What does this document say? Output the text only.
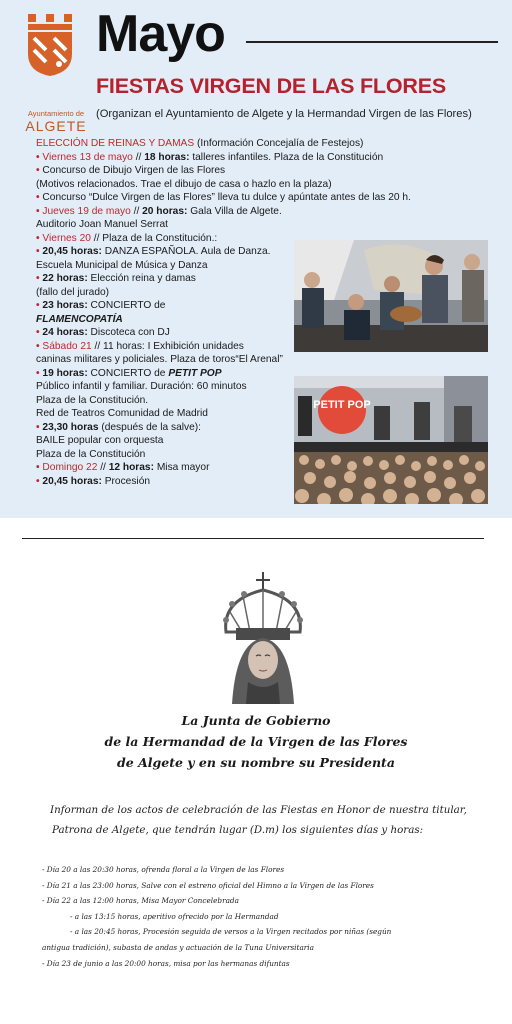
Ayuntamiento de
ALGETE
Mayo
FIESTAS VIRGEN DE LAS FLORES
(Organizan el Ayuntamiento de Algete y la Hermandad Virgen de las Flores)
ELECCIÓN DE REINAS Y DAMAS (Información Concejalía de Festejos)
• Viernes 13 de mayo // 18 horas: talleres infantiles. Plaza de la Constitución
• Concurso de Dibujo Virgen de las Flores
(Motivos relacionados. Trae el dibujo de casa o hazlo en la plaza)
• Concurso “Dulce Virgen de las Flores” lleva tu dulce y apúntate antes de las 20 h.
• Jueves 19 de mayo // 20 horas: Gala Villa de Algete.
Auditorio Joan Manuel Serrat
• Viernes 20 // Plaza de la Constitución.:
• 20,45 horas: DANZA ESPAÑOLA. Aula de Danza.
Escuela Municipal de Música y Danza
• 22 horas: Elección reina y damas
(fallo del jurado)
• 23 horas: CONCIERTO de
FLAMENCOPATÍA
• 24 horas: Discoteca con DJ
• Sábado 21 // 11 horas: I Exhibición unidades
caninas militares y policiales. Plaza de toros“El Arenal”
• 19 horas: CONCIERTO de PETIT POP
Público infantil y familiar. Duración: 60 minutos
Plaza de la Constitución.
Red de Teatros Comunidad de Madrid
• 23,30 horas (después de la salve):
BAILE popular con orquesta
Plaza de la Constitución
• Domingo 22 // 12 horas: Misa mayor
• 20,45 horas: Procesión
PETIT POP
La Junta de Gobierno
de la Hermandad de la Virgen de las Flores
de Algete y en su nombre su Presidenta
Informan de los actos de celebración de las Fiestas en Honor de nuestra titular,
Patrona de Algete, que tendrán lugar (D.m) los siguientes días y horas:
- Día 20 a las 20:30 horas, ofrenda floral a la Virgen de las Flores
- Día 21 a las 23:00 horas, Salve con el estreno oficial del Himno a la Virgen de las Flores
- Día 22 a las 12:00 horas, Misa Mayor Concelebrada
- a las 13:15 horas, aperitivo ofrecido por la Hermandad
- a las 20:45 horas, Procesión seguida de versos a la Virgen recitados por niñas (según
antigua tradición), subasta de andas y actuación de la Tuna Universitaria
- Día 23 de junio a las 20:00 horas, misa por las hermanas difuntas
